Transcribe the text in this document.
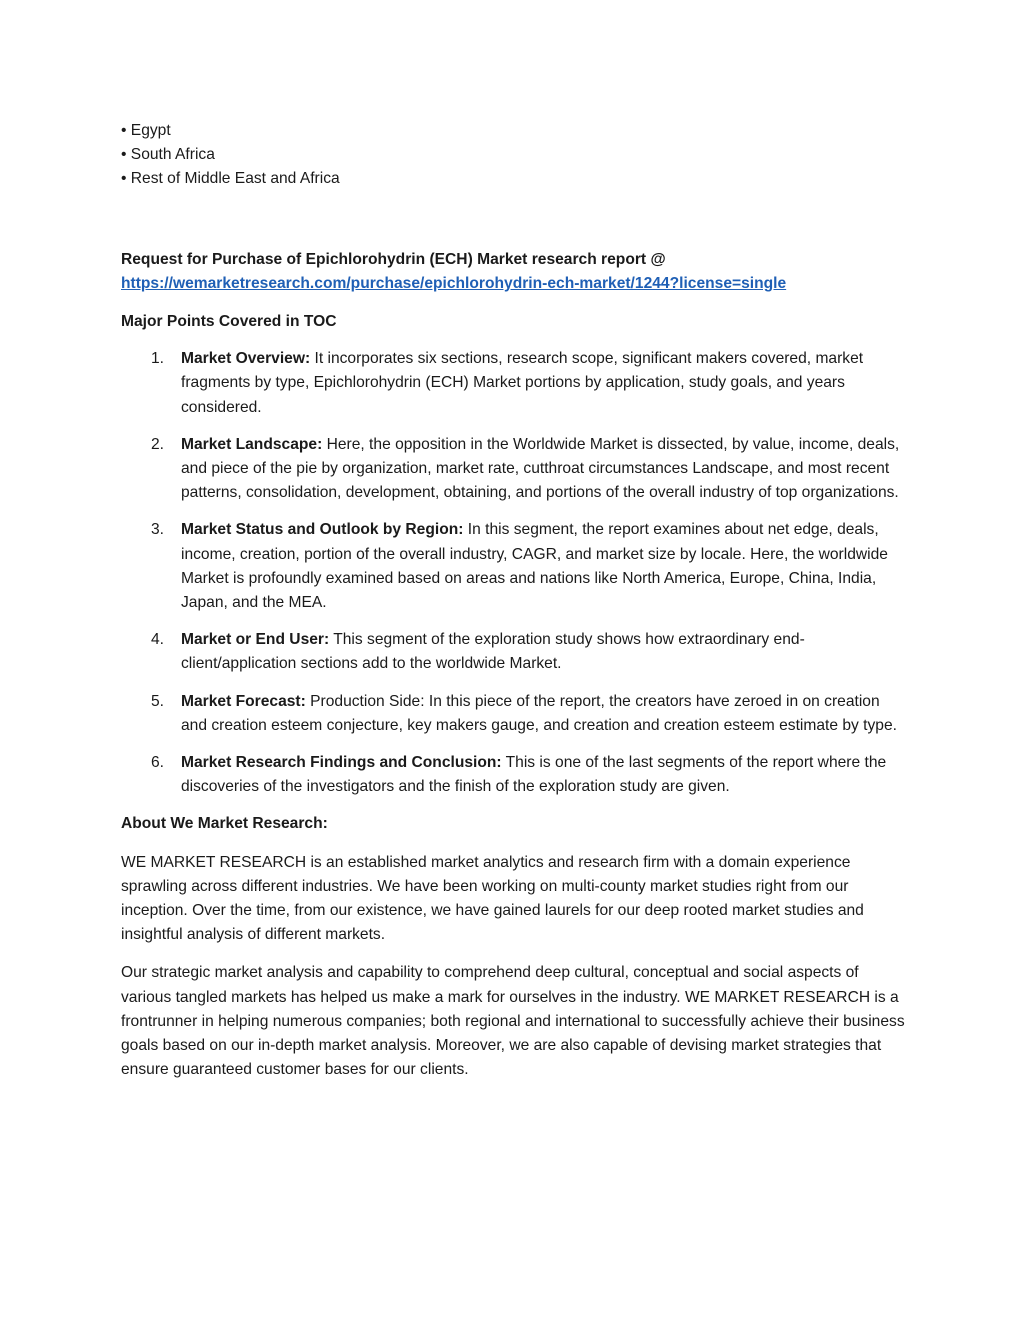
• Egypt
• South Africa
• Rest of Middle East and Africa
Request for Purchase of Epichlorohydrin (ECH) Market research report @
https://wemarketresearch.com/purchase/epichlorohydrin-ech-market/1244?license=single
Major Points Covered in TOC
1. Market Overview: It incorporates six sections, research scope, significant makers covered, market fragments by type, Epichlorohydrin (ECH) Market portions by application, study goals, and years considered.
2. Market Landscape: Here, the opposition in the Worldwide Market is dissected, by value, income, deals, and piece of the pie by organization, market rate, cutthroat circumstances Landscape, and most recent patterns, consolidation, development, obtaining, and portions of the overall industry of top organizations.
3. Market Status and Outlook by Region: In this segment, the report examines about net edge, deals, income, creation, portion of the overall industry, CAGR, and market size by locale. Here, the worldwide Market is profoundly examined based on areas and nations like North America, Europe, China, India, Japan, and the MEA.
4. Market or End User: This segment of the exploration study shows how extraordinary end-client/application sections add to the worldwide Market.
5. Market Forecast: Production Side: In this piece of the report, the creators have zeroed in on creation and creation esteem conjecture, key makers gauge, and creation and creation esteem estimate by type.
6. Market Research Findings and Conclusion: This is one of the last segments of the report where the discoveries of the investigators and the finish of the exploration study are given.
About We Market Research:
WE MARKET RESEARCH is an established market analytics and research firm with a domain experience sprawling across different industries. We have been working on multi-county market studies right from our inception. Over the time, from our existence, we have gained laurels for our deep rooted market studies and insightful analysis of different markets.
Our strategic market analysis and capability to comprehend deep cultural, conceptual and social aspects of various tangled markets has helped us make a mark for ourselves in the industry. WE MARKET RESEARCH is a frontrunner in helping numerous companies; both regional and international to successfully achieve their business goals based on our in-depth market analysis. Moreover, we are also capable of devising market strategies that ensure guaranteed customer bases for our clients.
